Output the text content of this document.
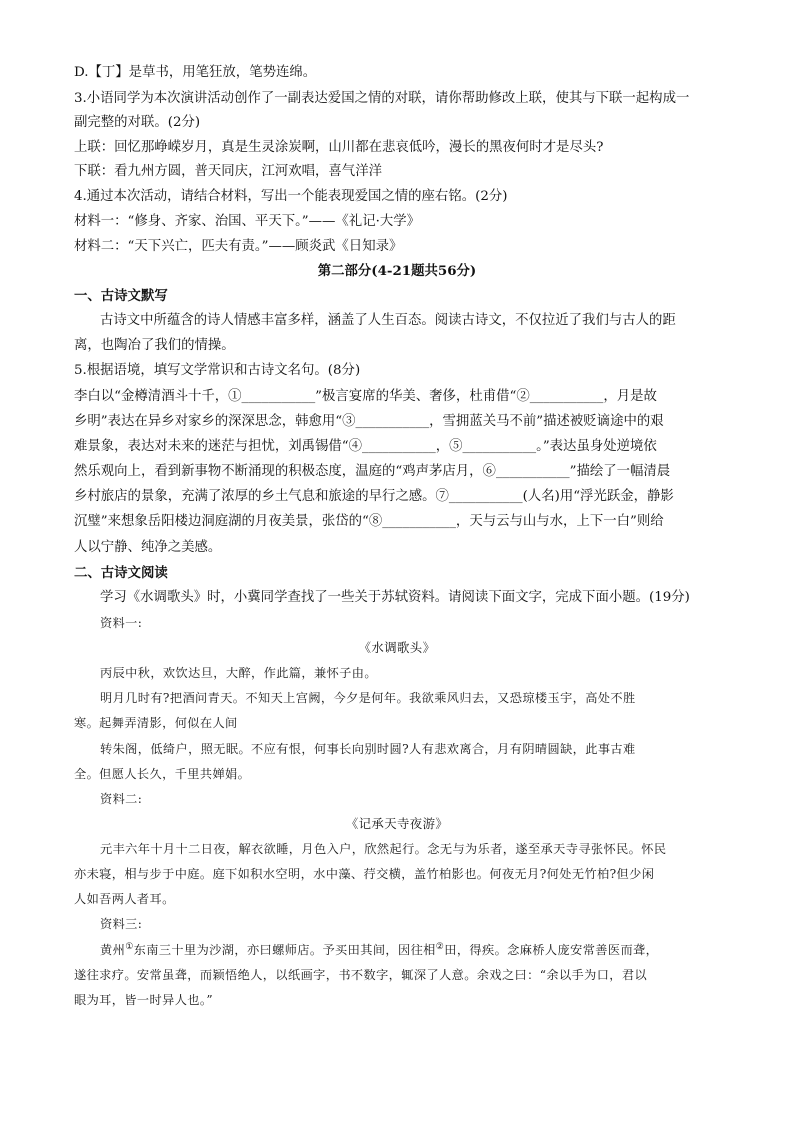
D.【丁】是草书，用笔狂放，笔势连绵。
3.小语同学为本次演讲活动创作了一副表达爱国之情的对联，请你帮助修改上联，使其与下联一起构成一
副完整的对联。(2分)
上联：回忆那峥嵘岁月，真是生灵涂炭啊，山川都在悲哀低吟，漫长的黑夜何时才是尽头?
下联：看九州方圆，普天同庆，江河欢唱，喜气洋洋
4.通过本次活动，请结合材料，写出一个能表现爱国之情的座右铭。(2分)
材料一：“修身、齐家、治国、平天下。”——《礼记·大学》
材料二：“天下兴亡，匹夫有责。”——顾炎武《日知录》
第二部分(4-21题共56分)
一、古诗文默写
古诗文中所蕴含的诗人情感丰富多样，涵盖了人生百态。阅读古诗文，不仅拉近了我们与古人的距
离，也陶冶了我们的情操。
5.根据语境，填写文学常识和古诗文名句。(8分)
李白以“金樽清酒斗十千，①___________”极言宴席的华美、奢侈，杜甫借“②___________，月是故
乡明”表达在异乡对家乡的深深思念，韩愈用“③___________，雪拥蓝关马不前”描述被贬谪途中的艰
难景象，表达对未来的迷茫与担忧，刘禹锡借“④___________，⑤___________。”表达虽身处逆境依
然乐观向上，看到新事物不断涌现的积极态度，温庭的“鸡声茅店月，⑥___________”描绘了一幅清晨
乡村旅店的景象，充满了浓厚的乡土气息和旅途的早行之感。⑦___________(人名)用“浮光跃金，静影
沉璧”来想象岳阳楼边洞庭湖的月夜美景，张岱的“⑧___________，天与云与山与水，上下一白”则给
人以宁静、纯净之美感。
二、古诗文阅读
学习《水调歌头》时，小冀同学查找了一些关于苏轼资料。请阅读下面文字，完成下面小题。(19分)
资料一:
《水调歌头》
丙辰中秋，欢饮达旦，大醉，作此篇，兼怀子由。
明月几时有?把酒问青天。不知天上宫阙，今夕是何年。我欲乘风归去，又恐琼楼玉宇，高处不胜
寒。起舞弄清影，何似在人间
转朱阁，低绮户，照无眠。不应有恨，何事长向别时圆?人有悲欢离合，月有阴晴圆缺，此事古难
全。但愿人长久，千里共婵娟。
资料二:
《记承天寺夜游》
元丰六年十月十二日夜，解衣欲睡，月色入户，欣然起行。念无与为乐者，遂至承天寺寻张怀民。怀民
亦未寝，相与步于中庭。庭下如积水空明，水中藻、荇交横，盖竹柏影也。何夜无月?何处无竹柏?但少闲
人如吾两人者耳。
资料三:
黄州①东南三十里为沙湖，亦曰螺师店。予买田其间，因往相②田，得疾。念麻桥人庞安常善医而聋，
遂往求疗。安常虽聋，而颖悟绝人，以纸画字，书不数字，辄深了人意。余戏之曰：“余以手为口，君以
眼为耳，皆一时异人也。”
